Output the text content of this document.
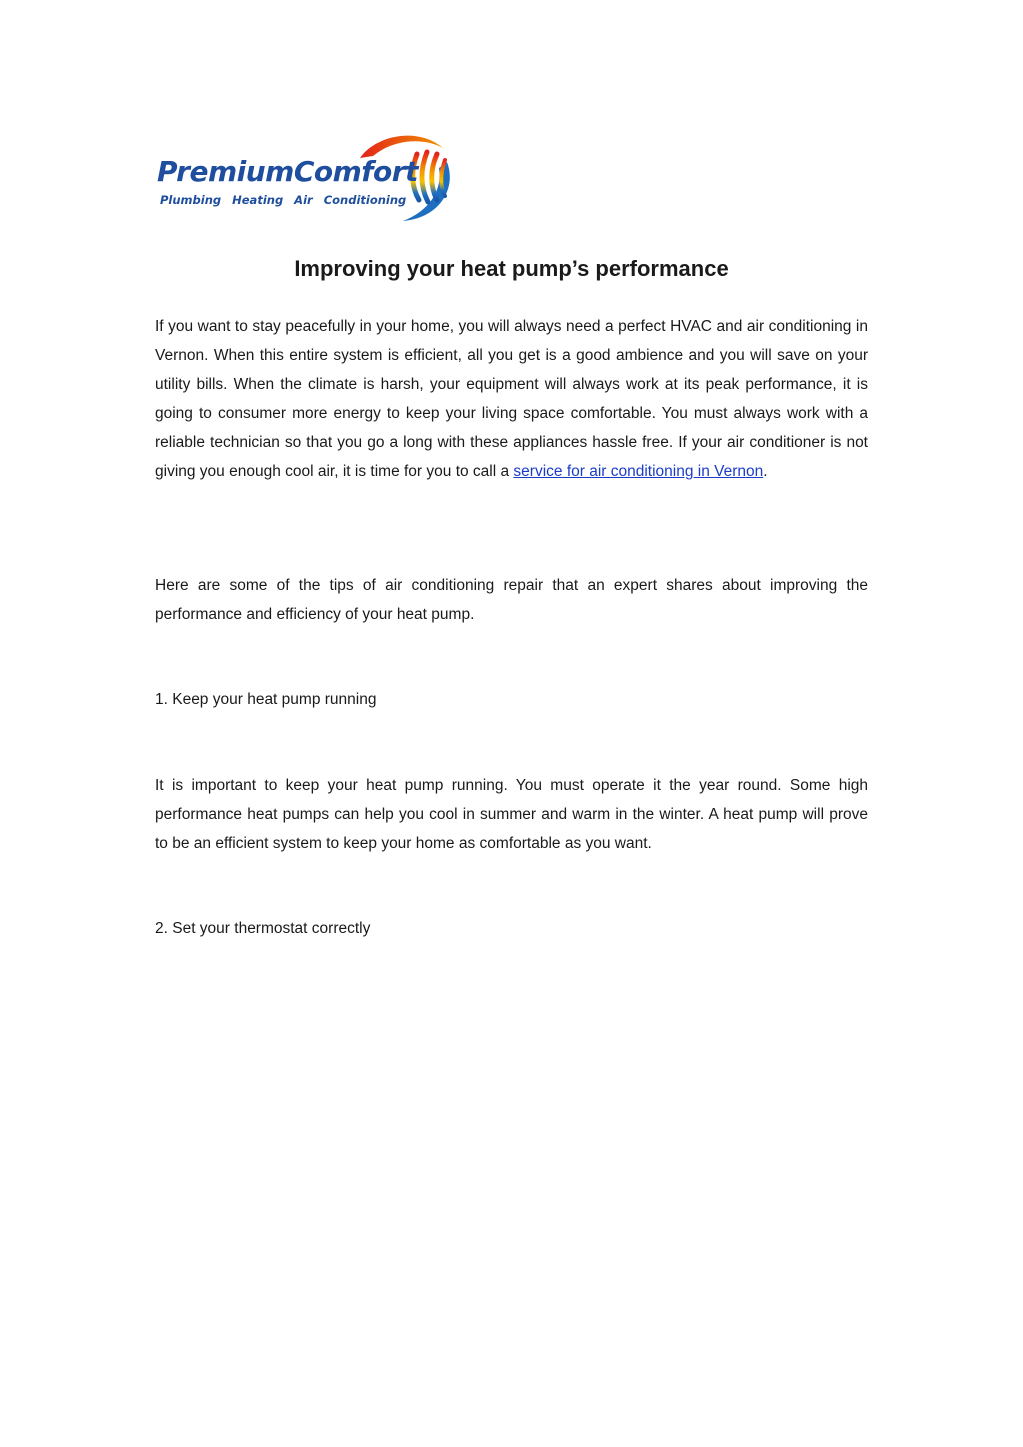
PremiumComfort
Plumbing Heating Air Conditioning
Improving your heat pump’s performance

If you want to stay peacefully in your home, you will always need a perfect HVAC and air conditioning in Vernon. When this entire system is efficient, all you get is a good ambience and you will save on your utility bills. When the climate is harsh, your equipment will always work at its peak performance, it is going to consumer more energy to keep your living space comfortable. You must always work with a reliable technician so that you go a long with these appliances hassle free. If your air conditioner is not giving you enough cool air, it is time for you to call a service for air conditioning in Vernon.

Here are some of the tips of air conditioning repair that an expert shares about improving the performance and efficiency of your heat pump.

1. Keep your heat pump running

It is important to keep your heat pump running. You must operate it the year round. Some high performance heat pumps can help you cool in summer and warm in the winter. A heat pump will prove to be an efficient system to keep your home as comfortable as you want.

2. Set your thermostat correctly
